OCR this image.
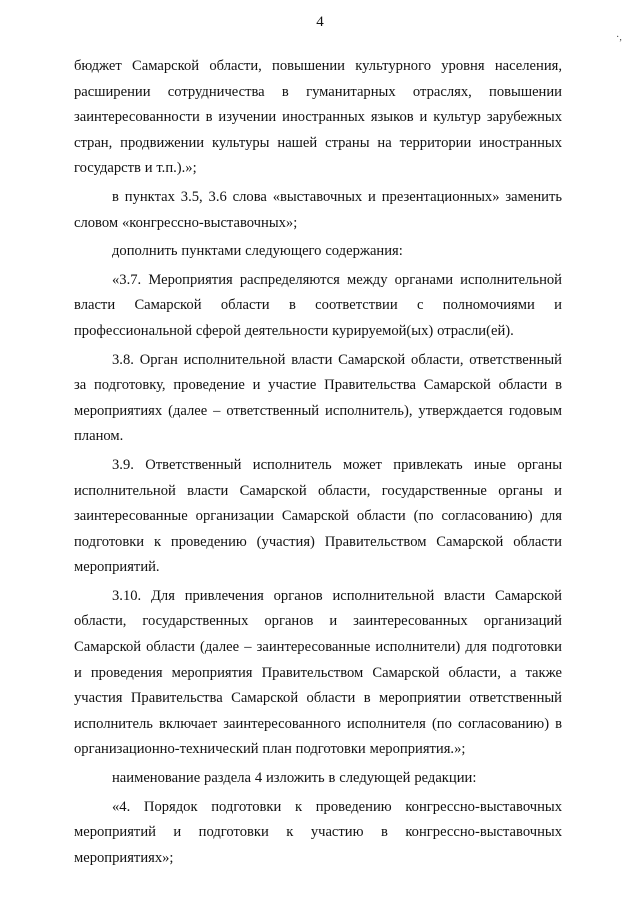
4
·,

бюджет Самарской области, повышении культурного уровня населения, расширении сотрудничества в гуманитарных отраслях, повышении заинтересованности в изучении иностранных языков и культур зарубежных стран, продвижении культуры нашей страны на территории иностранных государств и т.п.).»;

в пунктах 3.5, 3.6 слова «выставочных и презентационных» заменить словом «конгрессно-выставочных»;

дополнить пунктами следующего содержания:

«3.7. Мероприятия распределяются между органами исполнительной власти Самарской области в соответствии с полномочиями и профессиональной сферой деятельности курируемой(ых) отрасли(ей).

3.8. Орган исполнительной власти Самарской области, ответственный за подготовку, проведение и участие Правительства Самарской области в мероприятиях (далее – ответственный исполнитель), утверждается годовым планом.

3.9. Ответственный исполнитель может привлекать иные органы исполнительной власти Самарской области, государственные органы и заинтересованные организации Самарской области (по согласованию) для подготовки к проведению (участия) Правительством Самарской области мероприятий.

3.10. Для привлечения органов исполнительной власти Самарской области, государственных органов и заинтересованных организаций Самарской области (далее – заинтересованные исполнители) для подготовки и проведения мероприятия Правительством Самарской области, а также участия Правительства Самарской области в мероприятии ответственный исполнитель включает заинтересованного исполнителя (по согласованию) в организационно-технический план подготовки мероприятия.»;

наименование раздела 4 изложить в следующей редакции:

«4. Порядок подготовки к проведению конгрессно-выставочных мероприятий и подготовки к участию в конгрессно-выставочных мероприятиях»;
